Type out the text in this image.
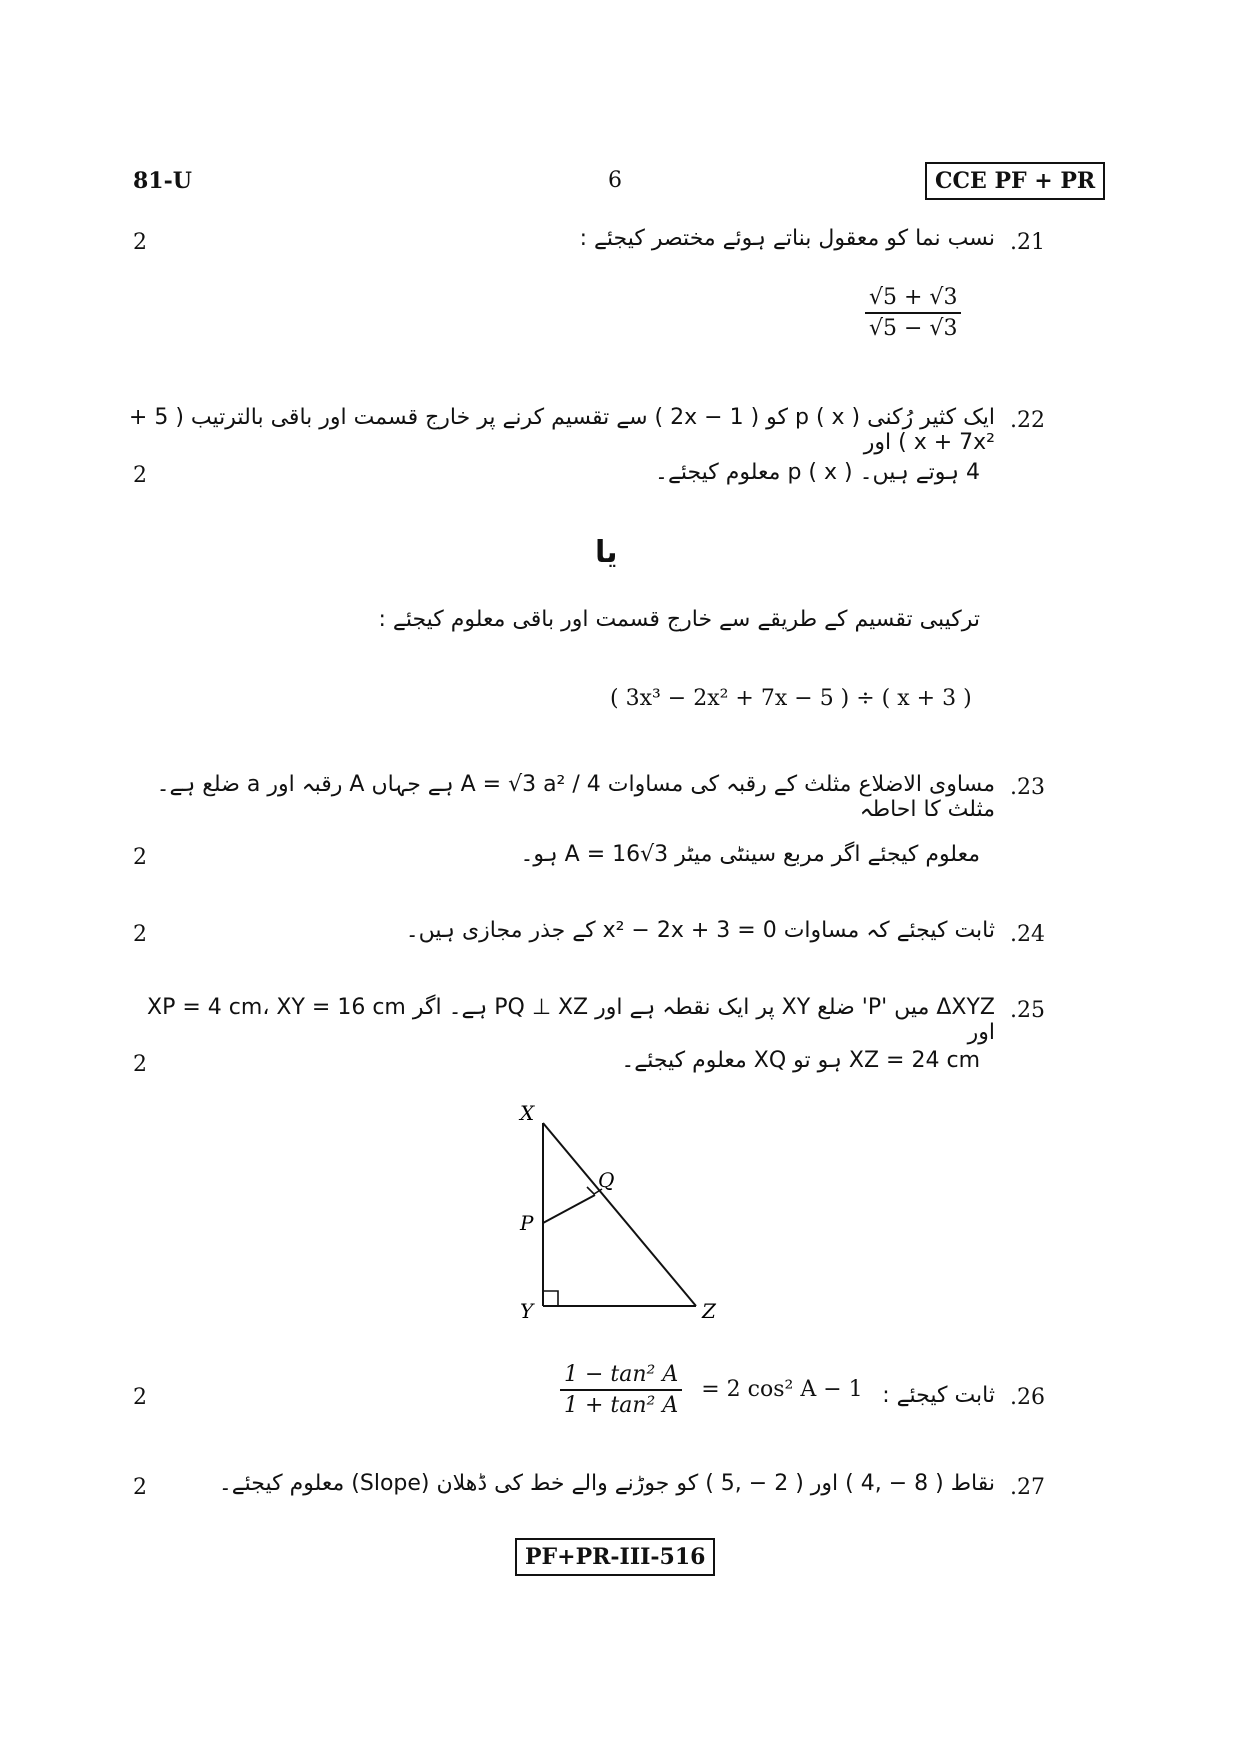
81-U	6	CCE PF + PR
2	نسب نما کو معقول بناتے ہوئے مختصر کیجئے : .21
$\frac{√5 + √3}{√5 - √3}$
ایک کثیر رُکنی ( p ( x کو ( 1 − 2x ) سے تقسیم کرنے پر خارج قسمت اور باقی بالترتیب ( 5 + x + 7x² ) اور
.22
2	4 ہوتے ہیں۔ ( p ( x معلوم کیجئے۔
یا
ترکیبی تقسیم کے طریقے سے خارج قسمت اور باقی معلوم کیجئے :
( 3x³ − 2x² + 7x − 5 ) ÷ ( x + 3 )
مساوی الاضلاع مثلث کے رقبہ کی مساوات A = √3 a² / 4 ہے جہاں A رقبہ اور a ضلع ہے۔ مثلث کا احاطہ
.23
2	معلوم کیجئے اگر مربع سینٹی میٹر A = 16√3 ہو۔
2	ثابت کیجئے کہ مساوات x² − 2x + 3 = 0 کے جذر مجازی ہیں۔ .24
ΔXYZ میں 'P' ضلع XY پر ایک نقطہ ہے اور PQ ⊥ XZ ہے۔ اگر XP = 4 cm، XY = 16 cm اور
.25
2	XZ = 24 cm ہو تو XQ معلوم کیجئے۔
X
Y	Z
P
Q
2	$\frac{\text{1 − tan² A}}{\text{1 + tan² A}} = 2$ cos² A − 1 ثابت کیجئے : .26
2	نقاط ( 8 − ,4 ) اور ( 2 − ,5 ) کو جوڑنے والے خط کی ڈھلان (Slope) معلوم کیجئے۔ .27
PF+PR-III-516
